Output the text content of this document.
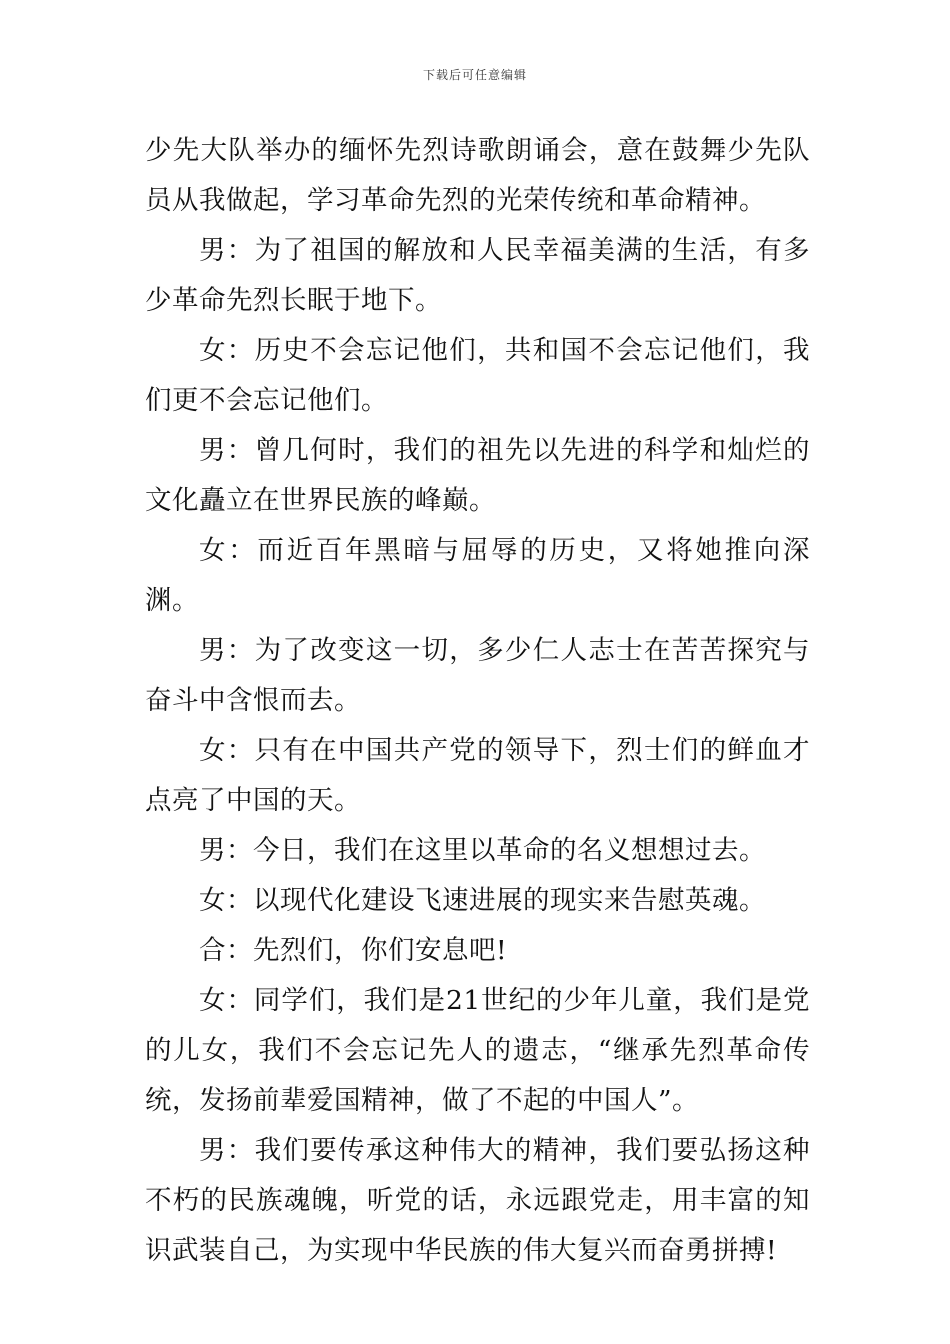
下载后可任意编辑

少先大队举办的缅怀先烈诗歌朗诵会，意在鼓舞少先队员从我做起，学习革命先烈的光荣传统和革命精神。

男：为了祖国的解放和人民幸福美满的生活，有多少革命先烈长眠于地下。

女：历史不会忘记他们，共和国不会忘记他们，我们更不会忘记他们。

男：曾几何时，我们的祖先以先进的科学和灿烂的文化矗立在世界民族的峰巅。

女：而近百年黑暗与屈辱的历史，又将她推向深渊。

男：为了改变这一切，多少仁人志士在苦苦探究与奋斗中含恨而去。

女：只有在中国共产党的领导下，烈士们的鲜血才点亮了中国的天。

男：今日，我们在这里以革命的名义想想过去。

女：以现代化建设飞速进展的现实来告慰英魂。

合：先烈们，你们安息吧!

女：同学们，我们是21世纪的少年儿童，我们是党的儿女，我们不会忘记先人的遗志，“继承先烈革命传统，发扬前辈爱国精神，做了不起的中国人”。

男：我们要传承这种伟大的精神，我们要弘扬这种不朽的民族魂魄，听党的话，永远跟党走，用丰富的知识武装自己，为实现中华民族的伟大复兴而奋勇拼搏!
